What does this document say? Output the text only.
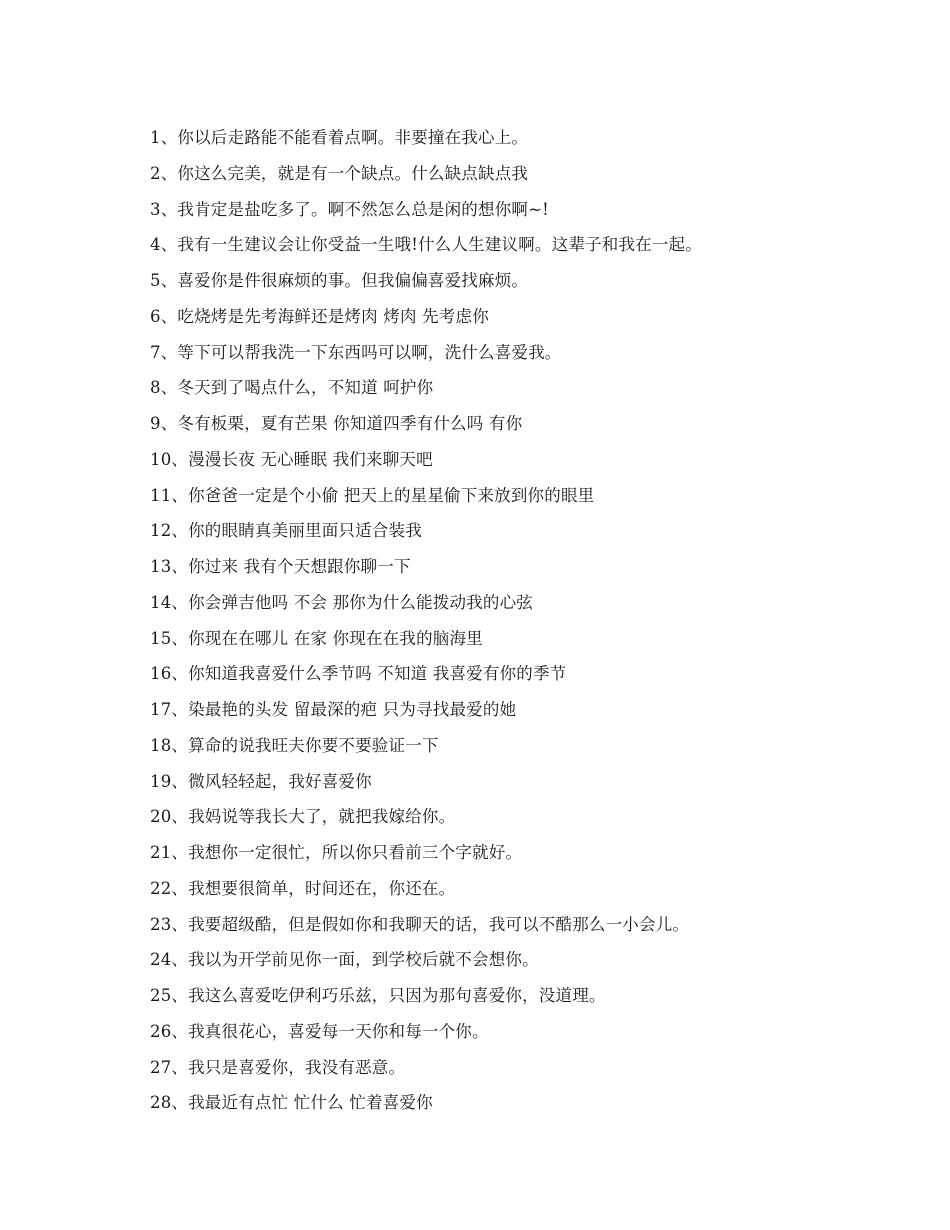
1、你以后走路能不能看着点啊。非要撞在我心上。
2、你这么完美，就是有一个缺点。什么缺点缺点我
3、我肯定是盐吃多了。啊不然怎么总是闲的想你啊~!
4、我有一生建议会让你受益一生哦!什么人生建议啊。这辈子和我在一起。
5、喜爱你是件很麻烦的事。但我偏偏喜爱找麻烦。
6、吃烧烤是先考海鲜还是烤肉 烤肉 先考虑你
7、等下可以帮我洗一下东西吗可以啊，洗什么喜爱我。
8、冬天到了喝点什么，不知道 呵护你
9、冬有板栗，夏有芒果 你知道四季有什么吗 有你
10、漫漫长夜 无心睡眠 我们来聊天吧
11、你爸爸一定是个小偷 把天上的星星偷下来放到你的眼里
12、你的眼睛真美丽里面只适合装我
13、你过来 我有个天想跟你聊一下
14、你会弹吉他吗 不会 那你为什么能拨动我的心弦
15、你现在在哪儿 在家 你现在在我的脑海里
16、你知道我喜爱什么季节吗 不知道 我喜爱有你的季节
17、染最艳的头发 留最深的疤 只为寻找最爱的她
18、算命的说我旺夫你要不要验证一下
19、微风轻轻起，我好喜爱你
20、我妈说等我长大了，就把我嫁给你。
21、我想你一定很忙，所以你只看前三个字就好。
22、我想要很简单，时间还在，你还在。
23、我要超级酷，但是假如你和我聊天的话，我可以不酷那么一小会儿。
24、我以为开学前见你一面，到学校后就不会想你。
25、我这么喜爱吃伊利巧乐兹，只因为那句喜爱你，没道理。
26、我真很花心，喜爱每一天你和每一个你。
27、我只是喜爱你，我没有恶意。
28、我最近有点忙 忙什么 忙着喜爱你
